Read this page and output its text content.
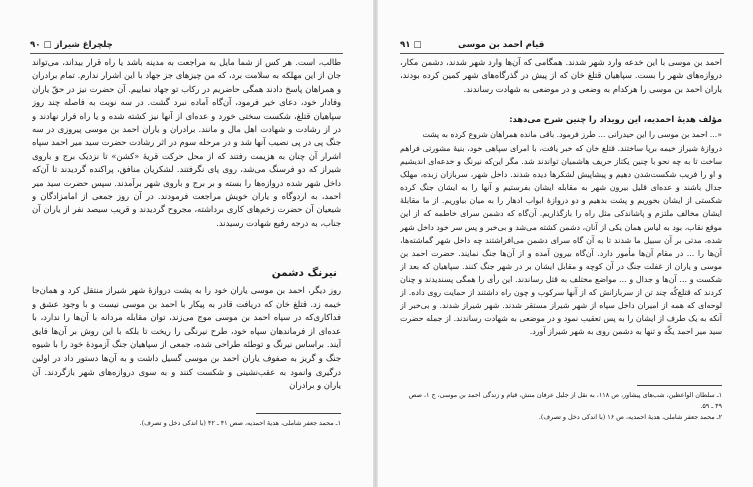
۹۰ □ چلچراغ شیراز
طالب، است. هر کس از شما مایل به مراجعت به مدینه باشد یا راه قرار بیداند، می‌تواند جان از این مهلکه به سلامت برد، که من چیزهای جز جهاد با این اشرار ندارم. تمام برادران و همراهان پاسخ دادند همگی حاضریم در رکاب تو جهاد نماییم. آن حضرت نیز در حقّ یاران وفادار خود، دعای خیر فرمود، آن‌گاه آماده نبرد گشت. در سه نوبت به فاصله چند روز سپاهیان قتلغ، شکست سختی خورد و عده‌ای از آنها نیز کشته شده و یا راه فرار نهادند و در از رشادت و شهادت اهل مال و مانند. برادران و یاران احمد بن موسی پیروزی در سه جنگ پی در پی نصیب آنها شد و در مرحله سوم در اثر رشادت حضرت سید میر احمد سپاه اشرار آن چنان به هزیمت رفتند که از محل حرکت قریهٔ «کشن» تا نزدیک برج و باروی شیراز که دو فرسنگ می‌شد، روی پای نگرفتند. لشکریان منافق، پراکنده گردیدند تا آن‌که داخل شهر شده دروازه‌ها را بسته و بر برج و باروی شهر برآمدند. سپس حضرت سید میر احمد، به اردوگاه و یاران خویش مراجعت فرمودند. در آن روز جمعی از امامزادگان و شیعیان آن حضرت زخم‌های کاری برداشته، مجروح گردیدند و قریب سیصد نفر از یاران آن جناب، به درجه رفیع شهادت رسیدند.
نیرنگ دشمن
روز دیگر، احمد بن موسی یاران خود را به پشت دروازهٔ شهر شیراز منتقل کرد و همان‌جا خیمه زد. قتلغ خان که دریافت قادر به پیکار با احمد بن موسی نیست و با وجود عشق و فداکاری‌که در سپاه احمد بن موسی موج می‌زند، توان مقابله مردانه با آن‌ها را ندارد، با عده‌ای از فرماندهان سپاه خود، طرح نیرنگی را ریخت تا بلکه با این روش بر آن‌ها فایق آیند. براساس نیرنگ و توطئه طراحی شده، جمعی از سپاهیان جنگ آزمودهٔ خود را با شیوه جنگ و گریز به صفوف یاران احمد بن موسی گسیل داشت و به آن‌ها دستور داد در اولین درگیری وانمود به عقب‌نشینی و شکست کنند و به سوی دروازه‌های شهر بازگردند. آن یاران و برادران
۱ـ محمد جعفر شاملی، هدیهٔ احمدیه، صص ۴۱ ـ ۴۲ (با اندکی دخل و تصرف).
۹۱ □	قیام احمد بن موسی
احمد بن موسی با این خدعه وارد شهر شدند. همگامی که آن‌ها وارد شهر شدند، دشمن مکار، دروازه‌های شهر را بست. سپاهیان قتلغ خان که از پیش در گذرگاه‌های شهر کمین کرده بودند، یاران احمد بن موسی را هرکدام به وضعی و در موضعی به شهادت رساندند.
مؤلف هدیهٔ احمدیه، این رویداد را چنین شرح می‌دهد:
«... احمد بن موسی را این حیدرانی ... طرز فرمود. باقی مانده همراهان شروع کرده به پشت
دروازهٔ شیراز خیمه برپا ساختند. قتلغ خان که خبر یافت، با امرای سپاهی خود، بنیهٔ مشورتی فراهم ساخت تا به چه نحو با چنین یکتاز حریف هاشمیان تواندند شد. مگر این‌که نیرنگ و خدعه‌ای اندیشیم و او را فریب شکست‌شدن دهیم و پیشاپیش لشکرها دیده شدند. داخل شهر، سربازان زبده، مهلک جدال باشند و عده‌ای قلیل بیرون شهر به مقابله ایشان بفرستیم و آنها را به ایشان جنگ کرده شکستی از ایشان بخوریم و پشت بدهیم و دو دروازهٔ ابواب ادهار را به میان بیاوریم. از ما مقابلهٔ ایشان مخالف ملتزم و پاشاندکی مثل راه را بازگذاریم. آن‌گاه که دشمن سرای خاطمه که از این موقع نقاب، بود به لیاس همان یکی از آنان، دشمن کشته می‌شد و بی‌خبر و پس سر خود داخل شهر شده، مدتی بر آن سبیل ما شدند تا به آن گاه سرای دشمن می‌افراشتند چه داخل شهر گماشته‌ها، آن‌ها را ... در مقام آن‌ها مأمور دارد. آن‌گاه بیرون آمده و از آن‌ها جنگ نمایند. حضرت احمد بن موسی و یاران از غفلت جنگ در آن کوچه و مقابل ایشان بر در شهر جنگ کنند. سپاهیان که بعد از شکست و ... آن‌ها و جدال و ... مواضع مختلف به قتل رساندند. این رأی را همگی پسندیدند و چنان کردند که قتلغ‌کُه چند تن از سربازانش که از آنها سرکوب و چون راه داشتند از حمایت روی داده. از لوحه‌ای که همه از امیران داخل سپاه از شهر شیراز مستقر شدند. شهر شیراز شدند. و بی‌خبر از آنکه به یک طرف از ایشان را به پس تعقیب نمود و در موضعی به شهادت رساندند. از جمله حضرت سید میر احمد یکّه و تنها به دشمن روی به شهر شیراز آورد.
۱ـ سلطان الواعظین، شب‌های پیشاور، ص ۱۱۸، به نقل از جلیل عرفان منش، قیام و زندگی احمد بن موسی، ج ۱، صص ۴۹ ـ ۵۹.
۲ـ محمد جعفر شاملی، هدیهٔ احمدیه، ص ۱۶ (با اندکی دخل و تصرف).
